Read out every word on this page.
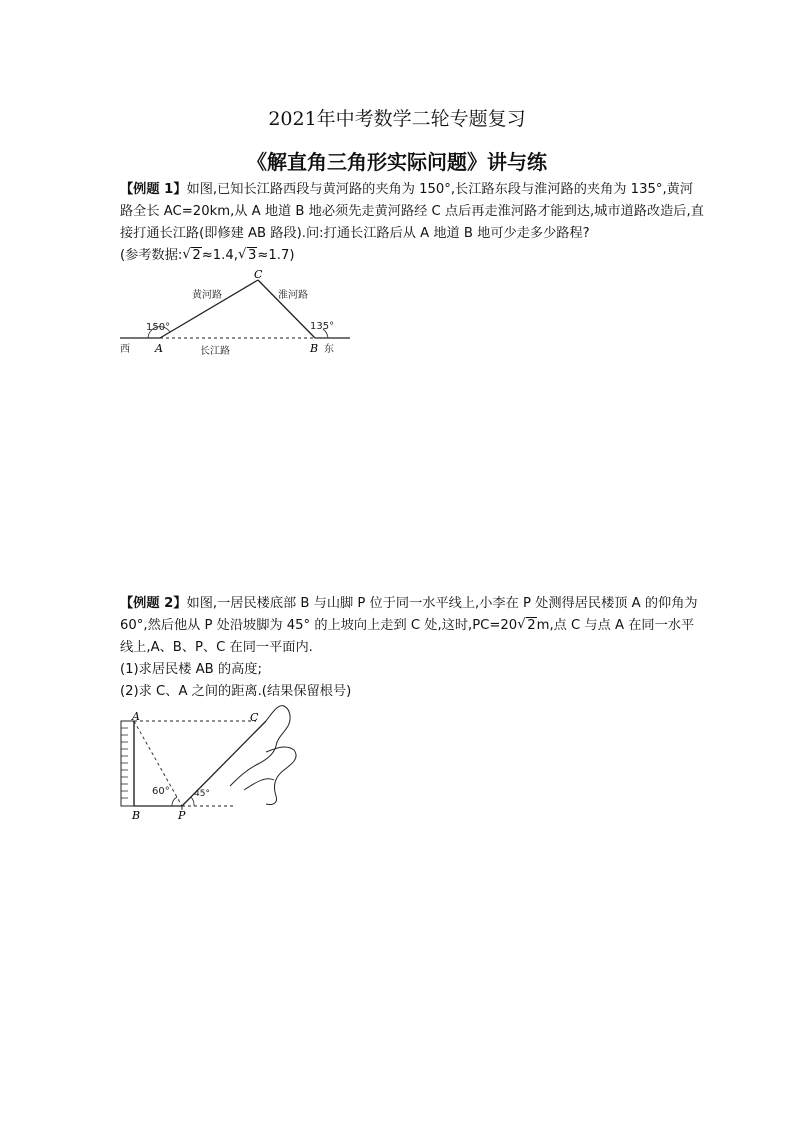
2021年中考数学二轮专题复习
《解直角三角形实际问题》讲与练
【例题 1】如图,已知长江路西段与黄河路的夹角为 150°,长江路东段与淮河路的夹角为 135°,黄河路全长 AC=20km,从 A 地道 B 地必须先走黄河路经 C 点后再走淮河路才能到达,城市道路改造后,直接打通长江路(即修建 AB 路段).问:打通长江路后从 A 地道 B 地可少走多少路程?
(参考数据: √ 2≈1.4, √ 3≈1.7)
C
A	B
西	东
黄河路	淮河路
长江路
150°	135°
【例题 2】如图,一居民楼底部 B 与山脚 P 位于同一水平线上,小李在 P 处测得居民楼顶 A 的仰角为 60°,然后他从 P 处沿坡脚为 45° 的上坡向上走到 C 处,这时,PC=20 √ 2m,点 C 与点 A 在同一水平线上,A、B、P、C 在同一平面内.
(1)求居民楼 AB 的高度;
(2)求 C、A 之间的距离.(结果保留根号)
A
B
C
P
60°	45°
